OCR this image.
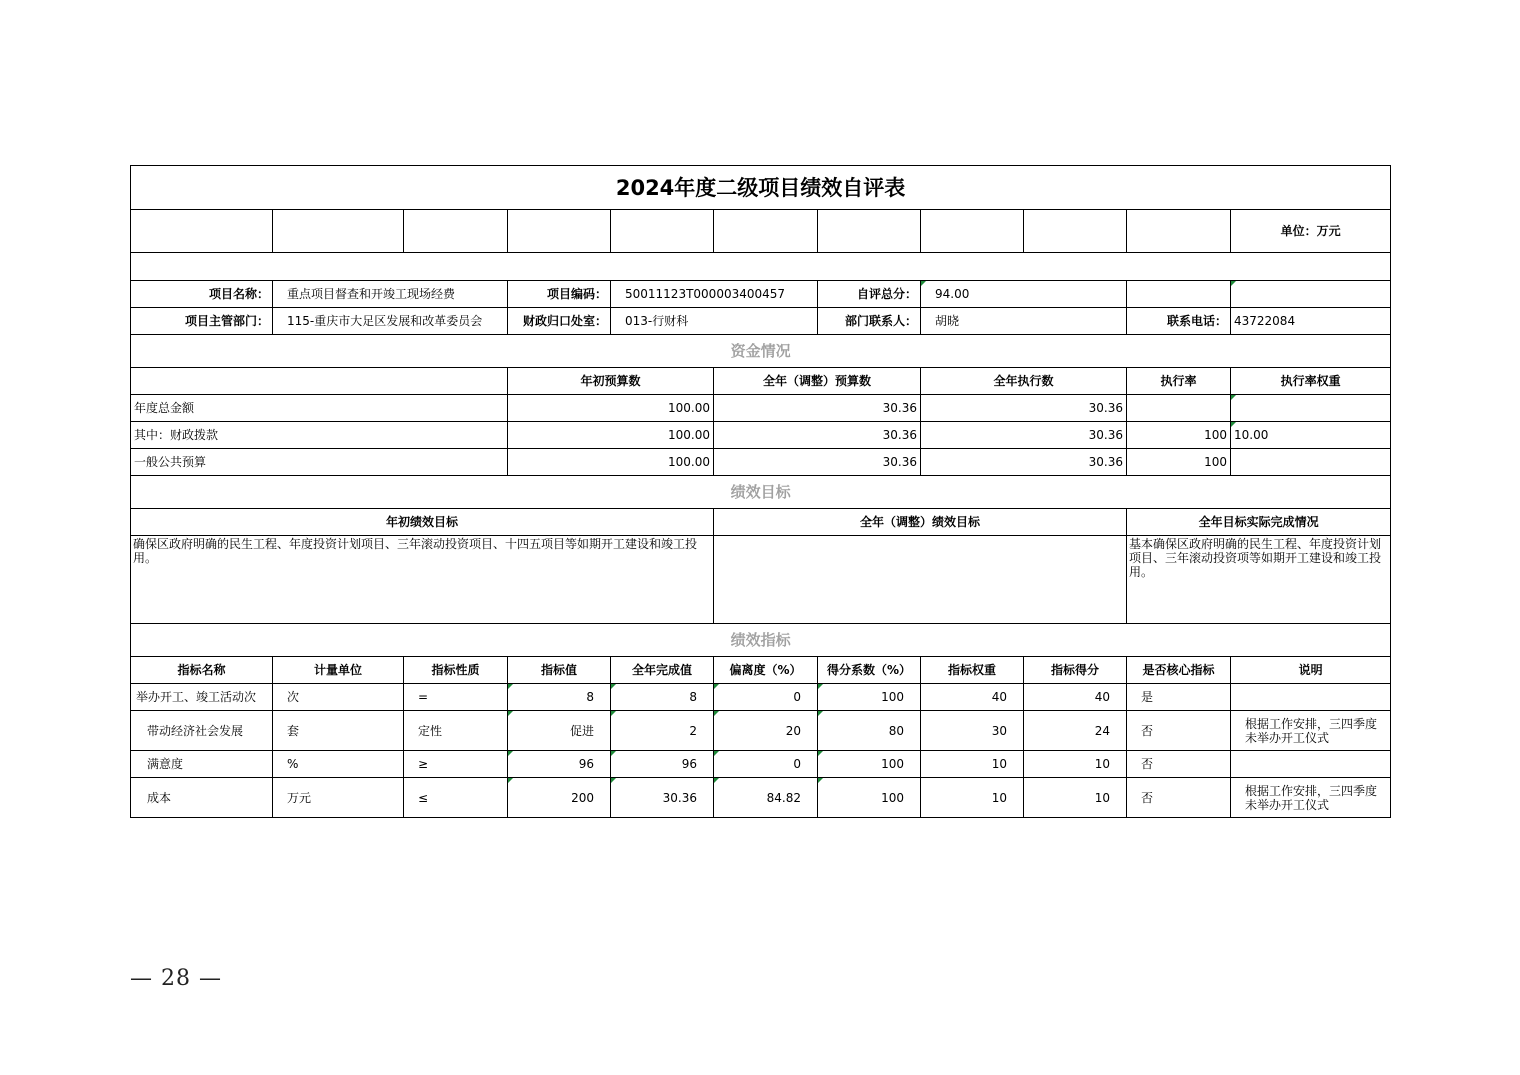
2024年度二级项目绩效自评表											
										单位：万元	

项目名称：	重点项目督查和开竣工现场经费		项目编码：	50011123T000003400457		自评总分：	94.00				
项目主管部门：	115-重庆市大足区发展和改革委员会		财政归口处室：	013-行财科		部门联系人：	胡晓		联系电话：	43722084	
资金情况											
			年初预算数		全年（调整）预算数		全年执行数		执行率	执行率权重	
年度总金额			100.00		30.36		30.36				
其中：财政拨款			100.00		30.36		30.36		100	10.00	
一般公共预算			100.00		30.36		30.36		100		
绩效目标											
年初绩效目标					全年（调整）绩效目标				全年目标实际完成情况		
确保区政府明确的民生工程、年度投资计划项目、三年滚动投资项目、十四五项目等如期开工建设和竣工投用。									基本确保区政府明确的民生工程、年度投资计划项目、三年滚动投资项等如期开工建设和竣工投用。		
绩效指标											
指标名称	计量单位	指标性质	指标值	全年完成值	偏离度（%）	得分系数（%）	指标权重	指标得分	是否核心指标	说明	
举办开工、竣工活动次	次	=	8	8	0	100	40	40	是		
带动经济社会发展	套	定性	促进	2	20	80	30	24	否	根据工作安排，三四季度未举办开工仪式	
满意度	%	≥	96	96	0	100	10	10	否		
成本	万元	≤	200	30.36	84.82	100	10	10	否	根据工作安排，三四季度未举办开工仪式	
— 28 —
